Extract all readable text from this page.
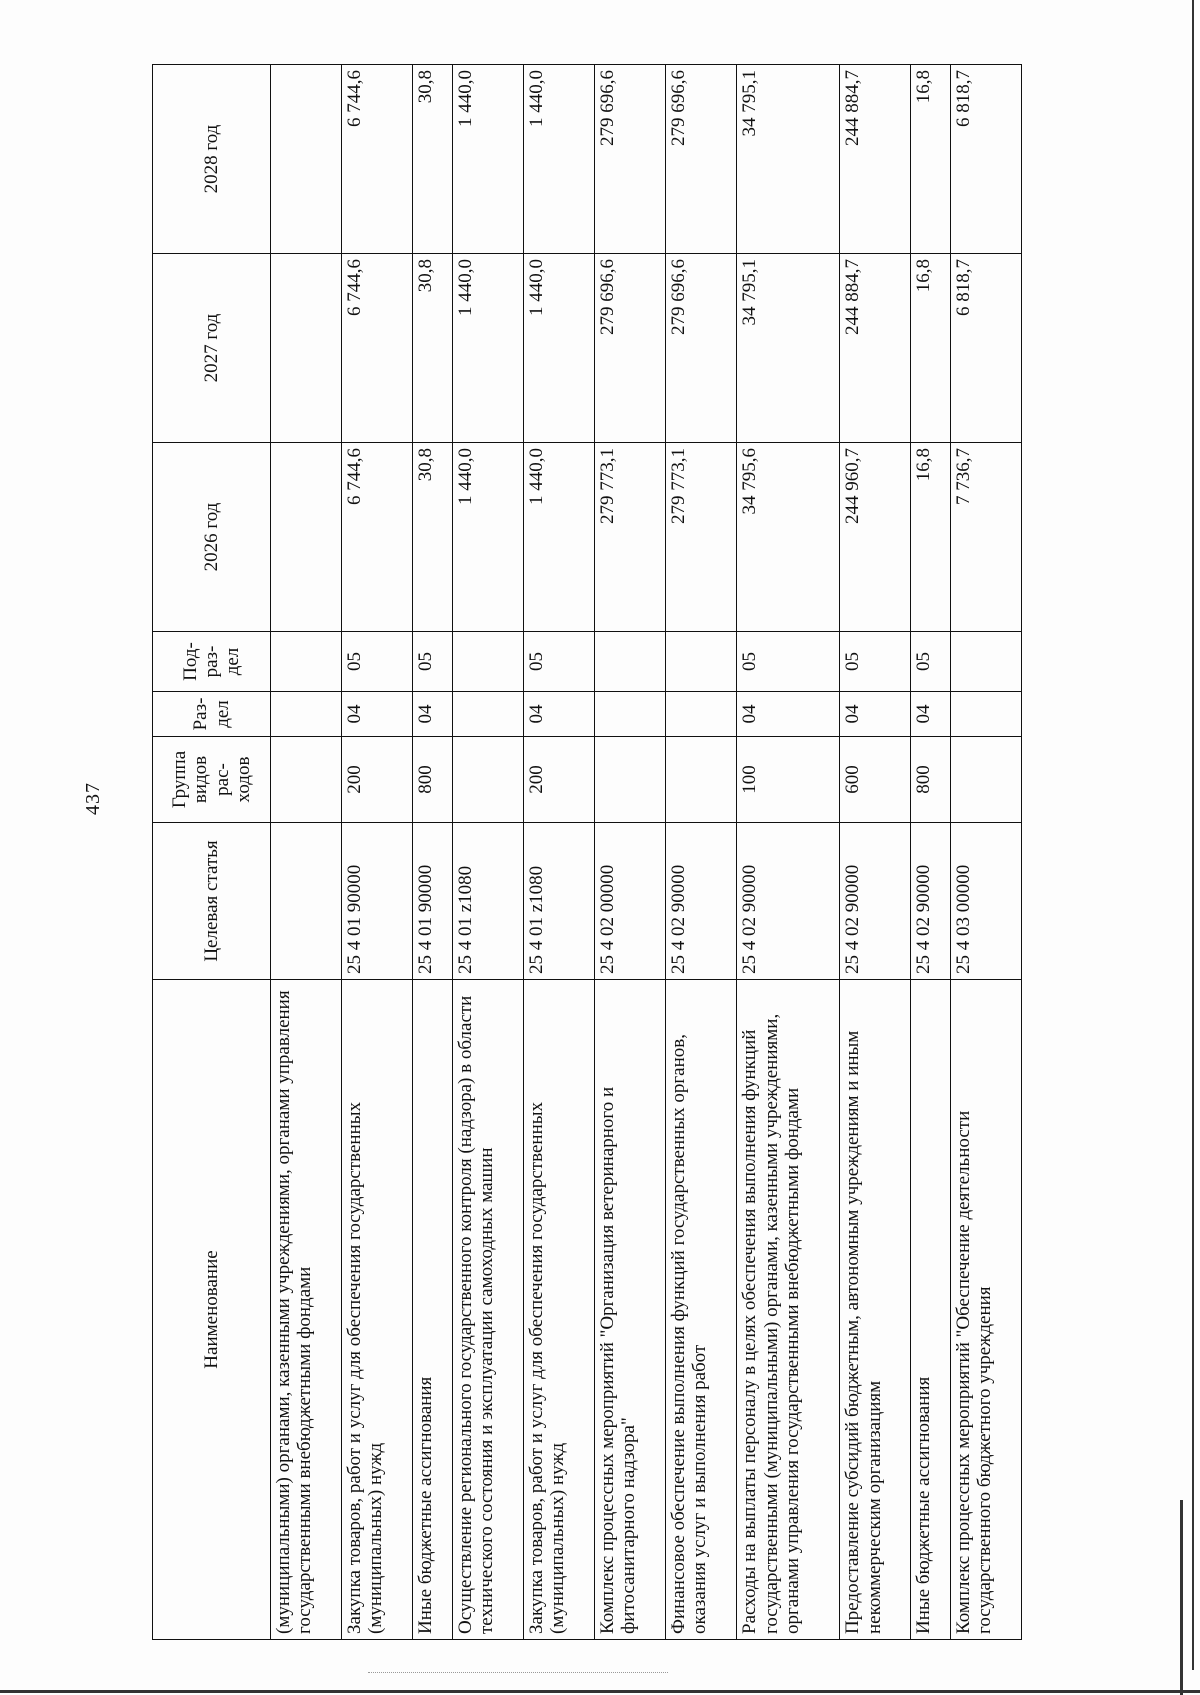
437
Наименование	Целевая статья	Группа видов рас-ходов	Раз-дел	Под-раз-дел	2026 год	2027 год	2028 год
(муниципальными) органами, казенными учреждениями, органами управления государственными внебюджетными фондами							
Закупка товаров, работ и услуг для обеспечения государственных (муниципальных) нужд	25 4 01 90000	200	04	05	6 744,6	6 744,6	6 744,6
Иные бюджетные ассигнования	25 4 01 90000	800	04	05	30,8	30,8	30,8
Осуществление регионального государственного контроля (надзора) в области технического состояния и эксплуатации самоходных машин	25 4 01 z1080				1 440,0	1 440,0	1 440,0
Закупка товаров, работ и услуг для обеспечения государственных (муниципальных) нужд	25 4 01 z1080	200	04	05	1 440,0	1 440,0	1 440,0
Комплекс процессных мероприятий "Организация ветеринарного и фитосанитарного надзора"	25 4 02 00000				279 773,1	279 696,6	279 696,6
Финансовое обеспечение выполнения функций государственных органов, оказания услуг и выполнения работ	25 4 02 90000				279 773,1	279 696,6	279 696,6
Расходы на выплаты персоналу в целях обеспечения выполнения функций государственными (муниципальными) органами, казенными учреждениями, органами управления государственными внебюджетными фондами	25 4 02 90000	100	04	05	34 795,6	34 795,1	34 795,1
Предоставление субсидий бюджетным, автономным учреждениям и иным некоммерческим организациям	25 4 02 90000	600	04	05	244 960,7	244 884,7	244 884,7
Иные бюджетные ассигнования	25 4 02 90000	800	04	05	16,8	16,8	16,8
Комплекс процессных мероприятий "Обеспечение деятельности государственного бюджетного учреждения	25 4 03 00000				7 736,7	6 818,7	6 818,7
